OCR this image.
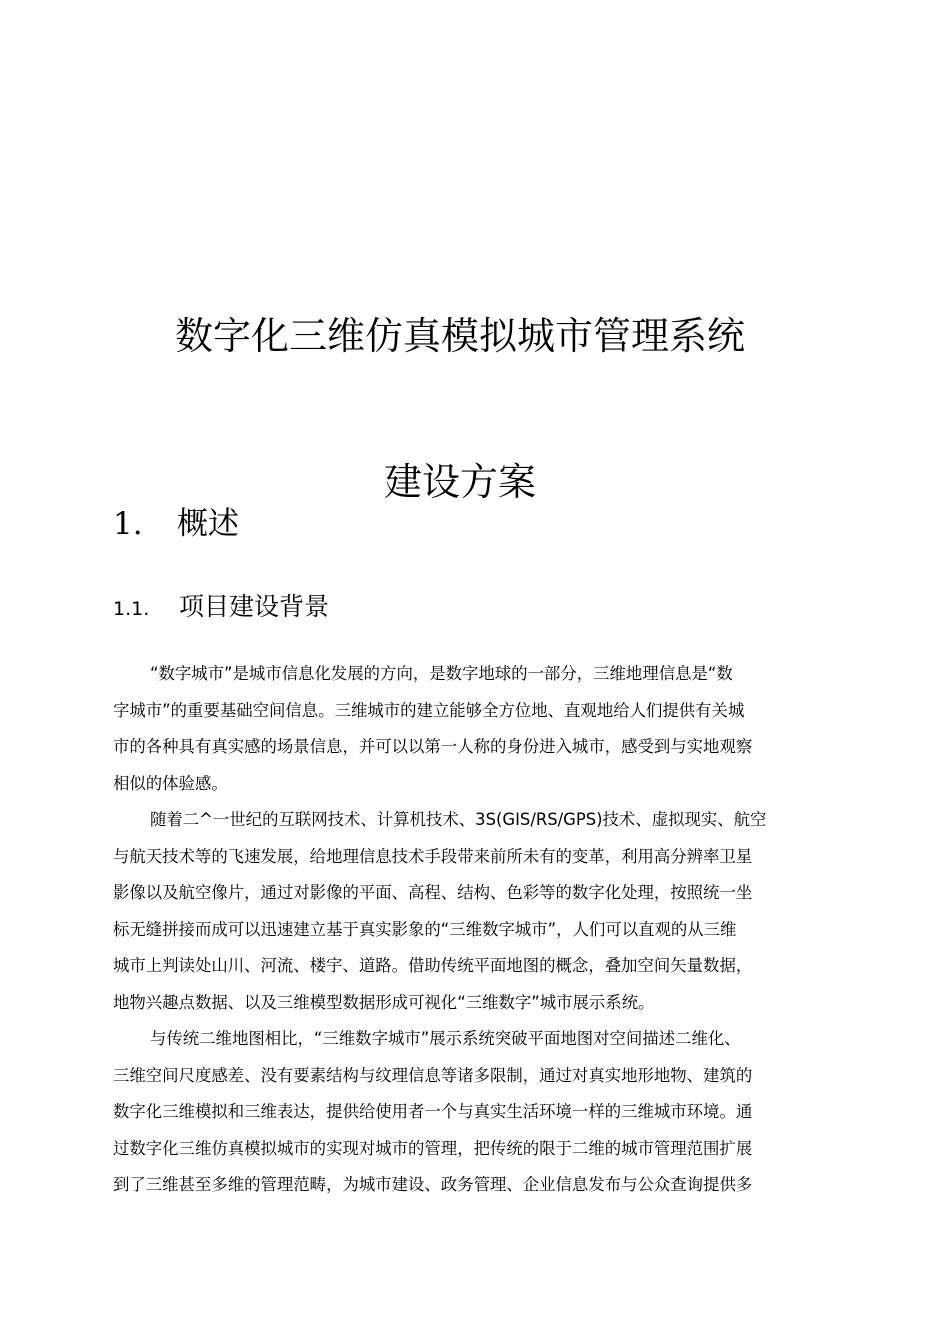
数字化三维仿真模拟城市管理系统
建设方案
1. 概述
1.1. 项目建设背景
“数字城市”是城市信息化发展的方向，是数字地球的一部分，三维地理信息是“数
字城市”的重要基础空间信息。三维城市的建立能够全方位地、直观地给人们提供有关城
市的各种具有真实感的场景信息，并可以以第一人称的身份进入城市，感受到与实地观察
相似的体验感。
随着二^一世纪的互联网技术、计算机技术、3S(GIS/RS/GPS)技术、虚拟现实、航空
与航天技术等的飞速发展，给地理信息技术手段带来前所未有的变革，利用高分辨率卫星
影像以及航空像片，通过对影像的平面、高程、结构、色彩等的数字化处理，按照统一坐
标无缝拼接而成可以迅速建立基于真实影象的“三维数字城市”，人们可以直观的从三维
城市上判读处山川、河流、楼宇、道路。借助传统平面地图的概念，叠加空间矢量数据，
地物兴趣点数据、以及三维模型数据形成可视化“三维数字”城市展示系统。
与传统二维地图相比，“三维数字城市”展示系统突破平面地图对空间描述二维化、
三维空间尺度感差、没有要素结构与纹理信息等诸多限制，通过对真实地形地物、建筑的
数字化三维模拟和三维表达，提供给使用者一个与真实生活环境一样的三维城市环境。通
过数字化三维仿真模拟城市的实现对城市的管理，把传统的限于二维的城市管理范围扩展
到了三维甚至多维的管理范畴，为城市建设、政务管理、企业信息发布与公众查询提供多
